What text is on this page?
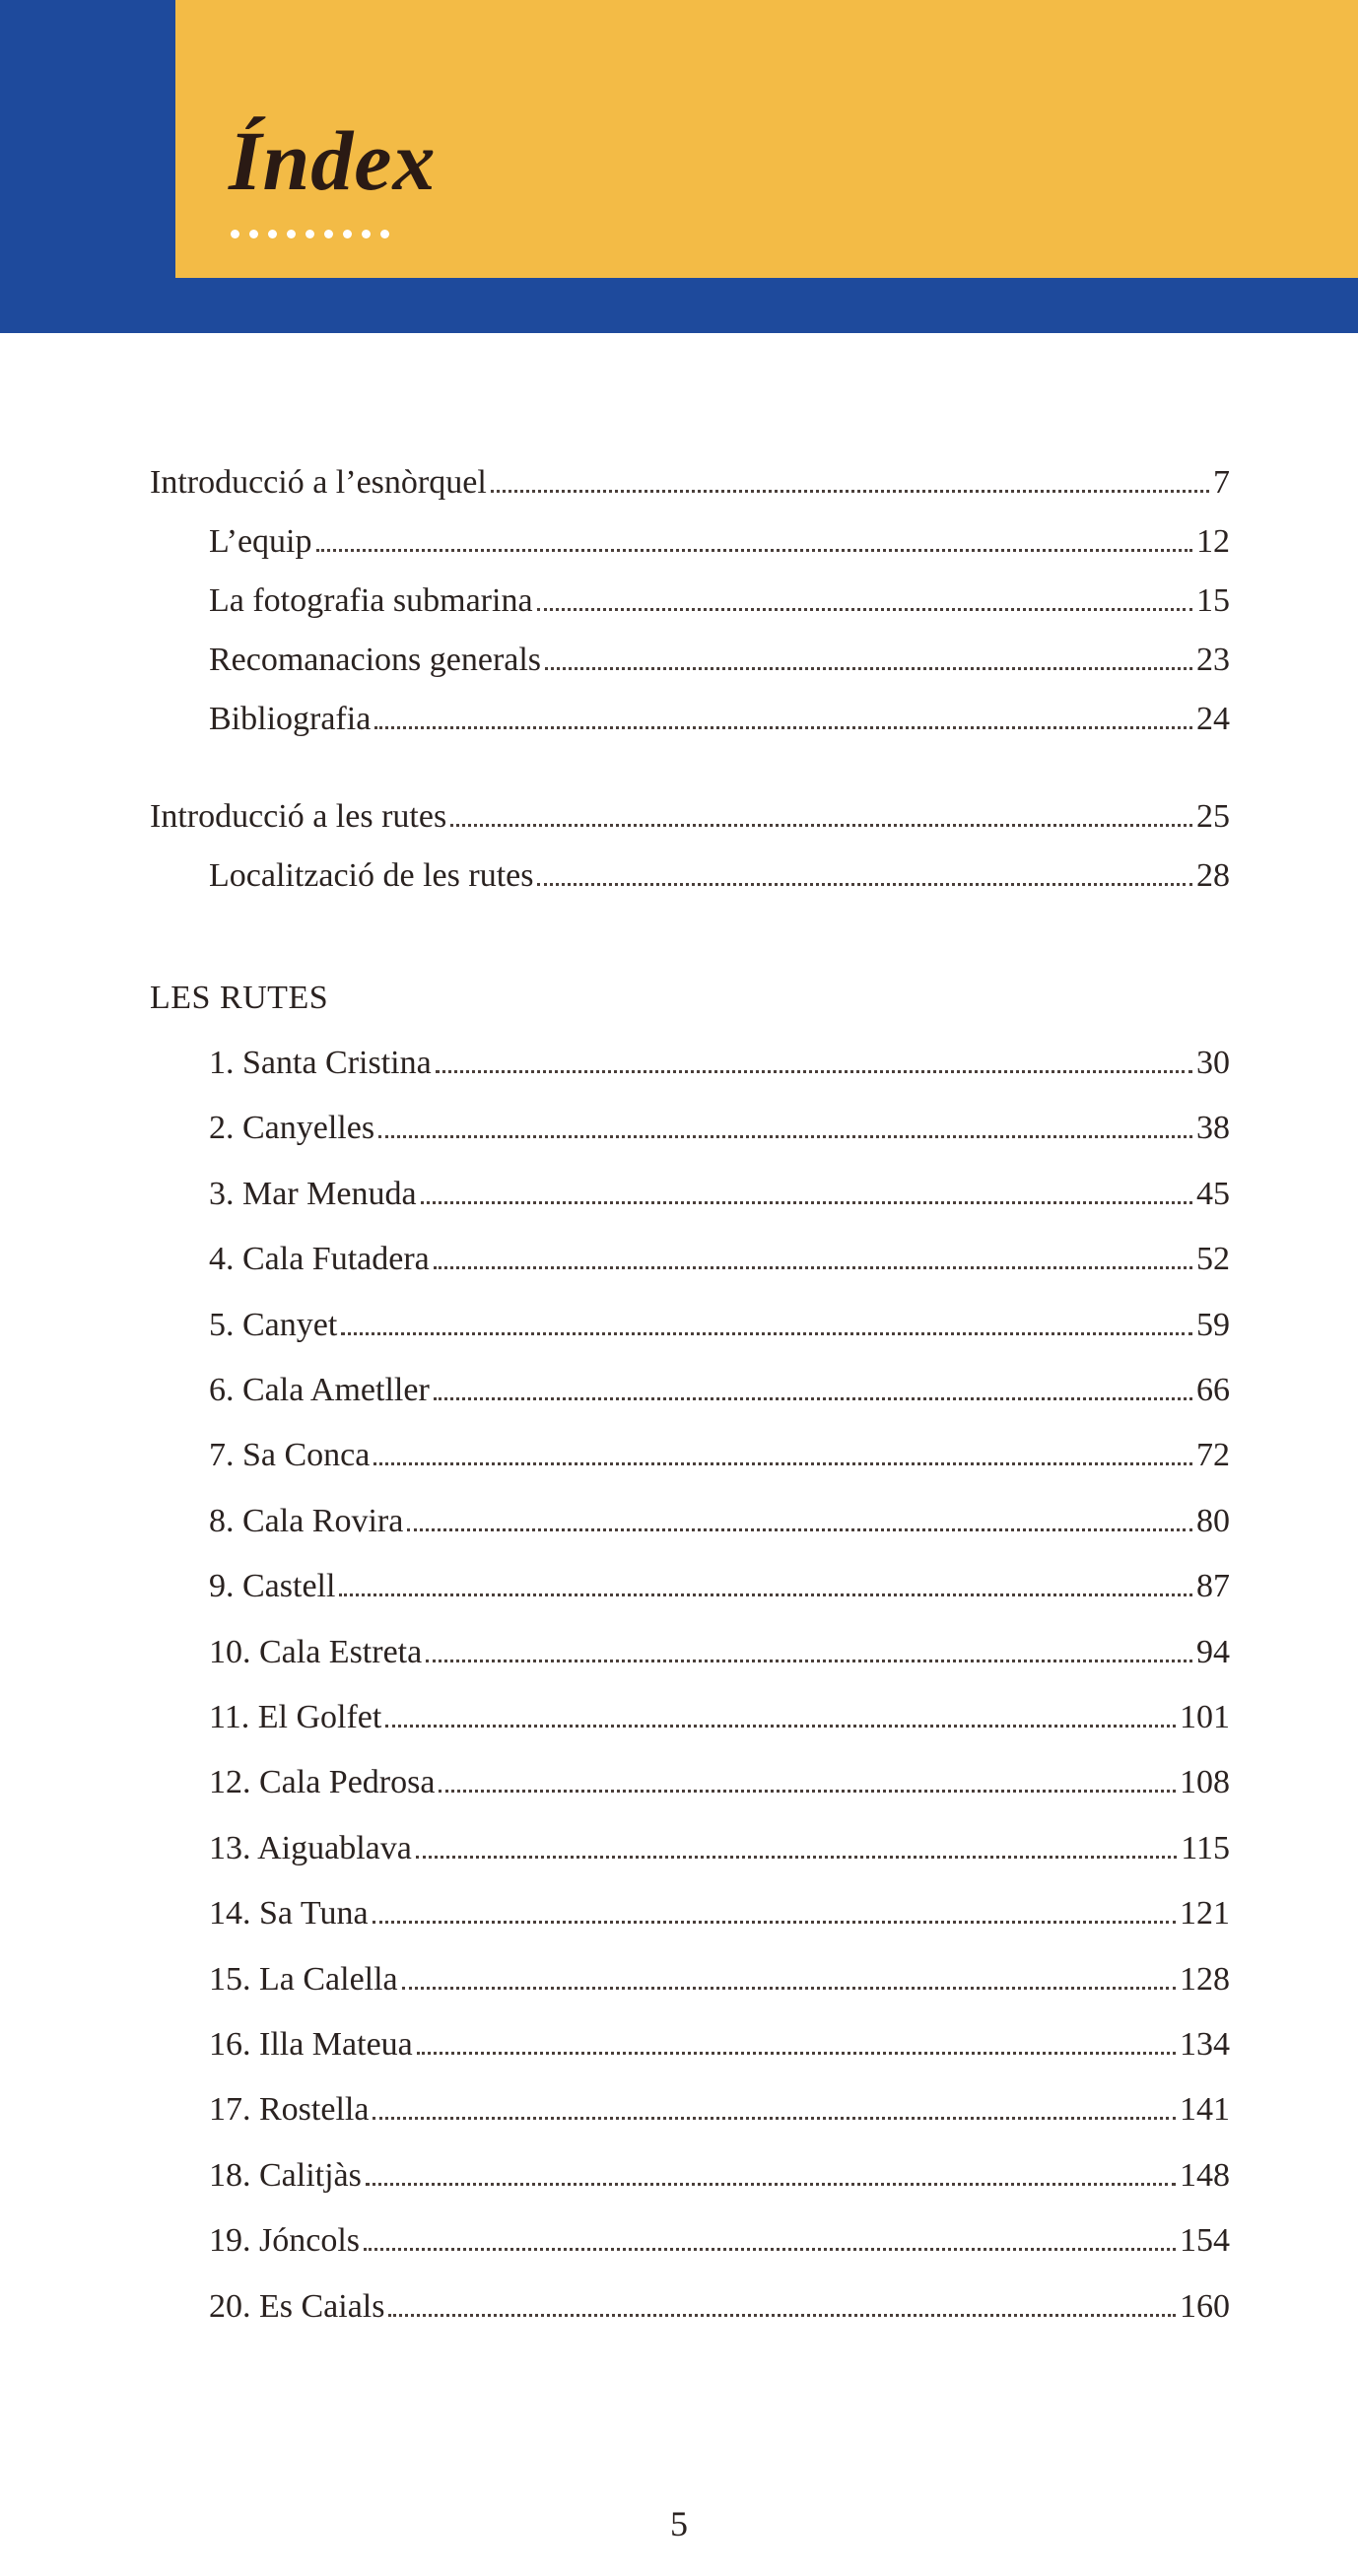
Índex
LES RUTES
Introducció a l’esnòrquel	7
L’equip	12
La fotografia submarina	15
Recomanacions generals	23
Bibliografia	24
Introducció a les rutes	25
Localització de les rutes	28
1. Santa Cristina	30
2. Canyelles	38
3. Mar Menuda	45
4. Cala Futadera	52
5. Canyet	59
6. Cala Ametller	66
7. Sa Conca	72
8. Cala Rovira	80
9. Castell	87
10. Cala Estreta	94
11. El Golfet	101
12. Cala Pedrosa	108
13. Aiguablava	115
14. Sa Tuna	121
15. La Calella	128
16. Illa Mateua	134
17. Rostella	141
18. Calitjàs	148
19. Jóncols	154
20. Es Caials	160
5
